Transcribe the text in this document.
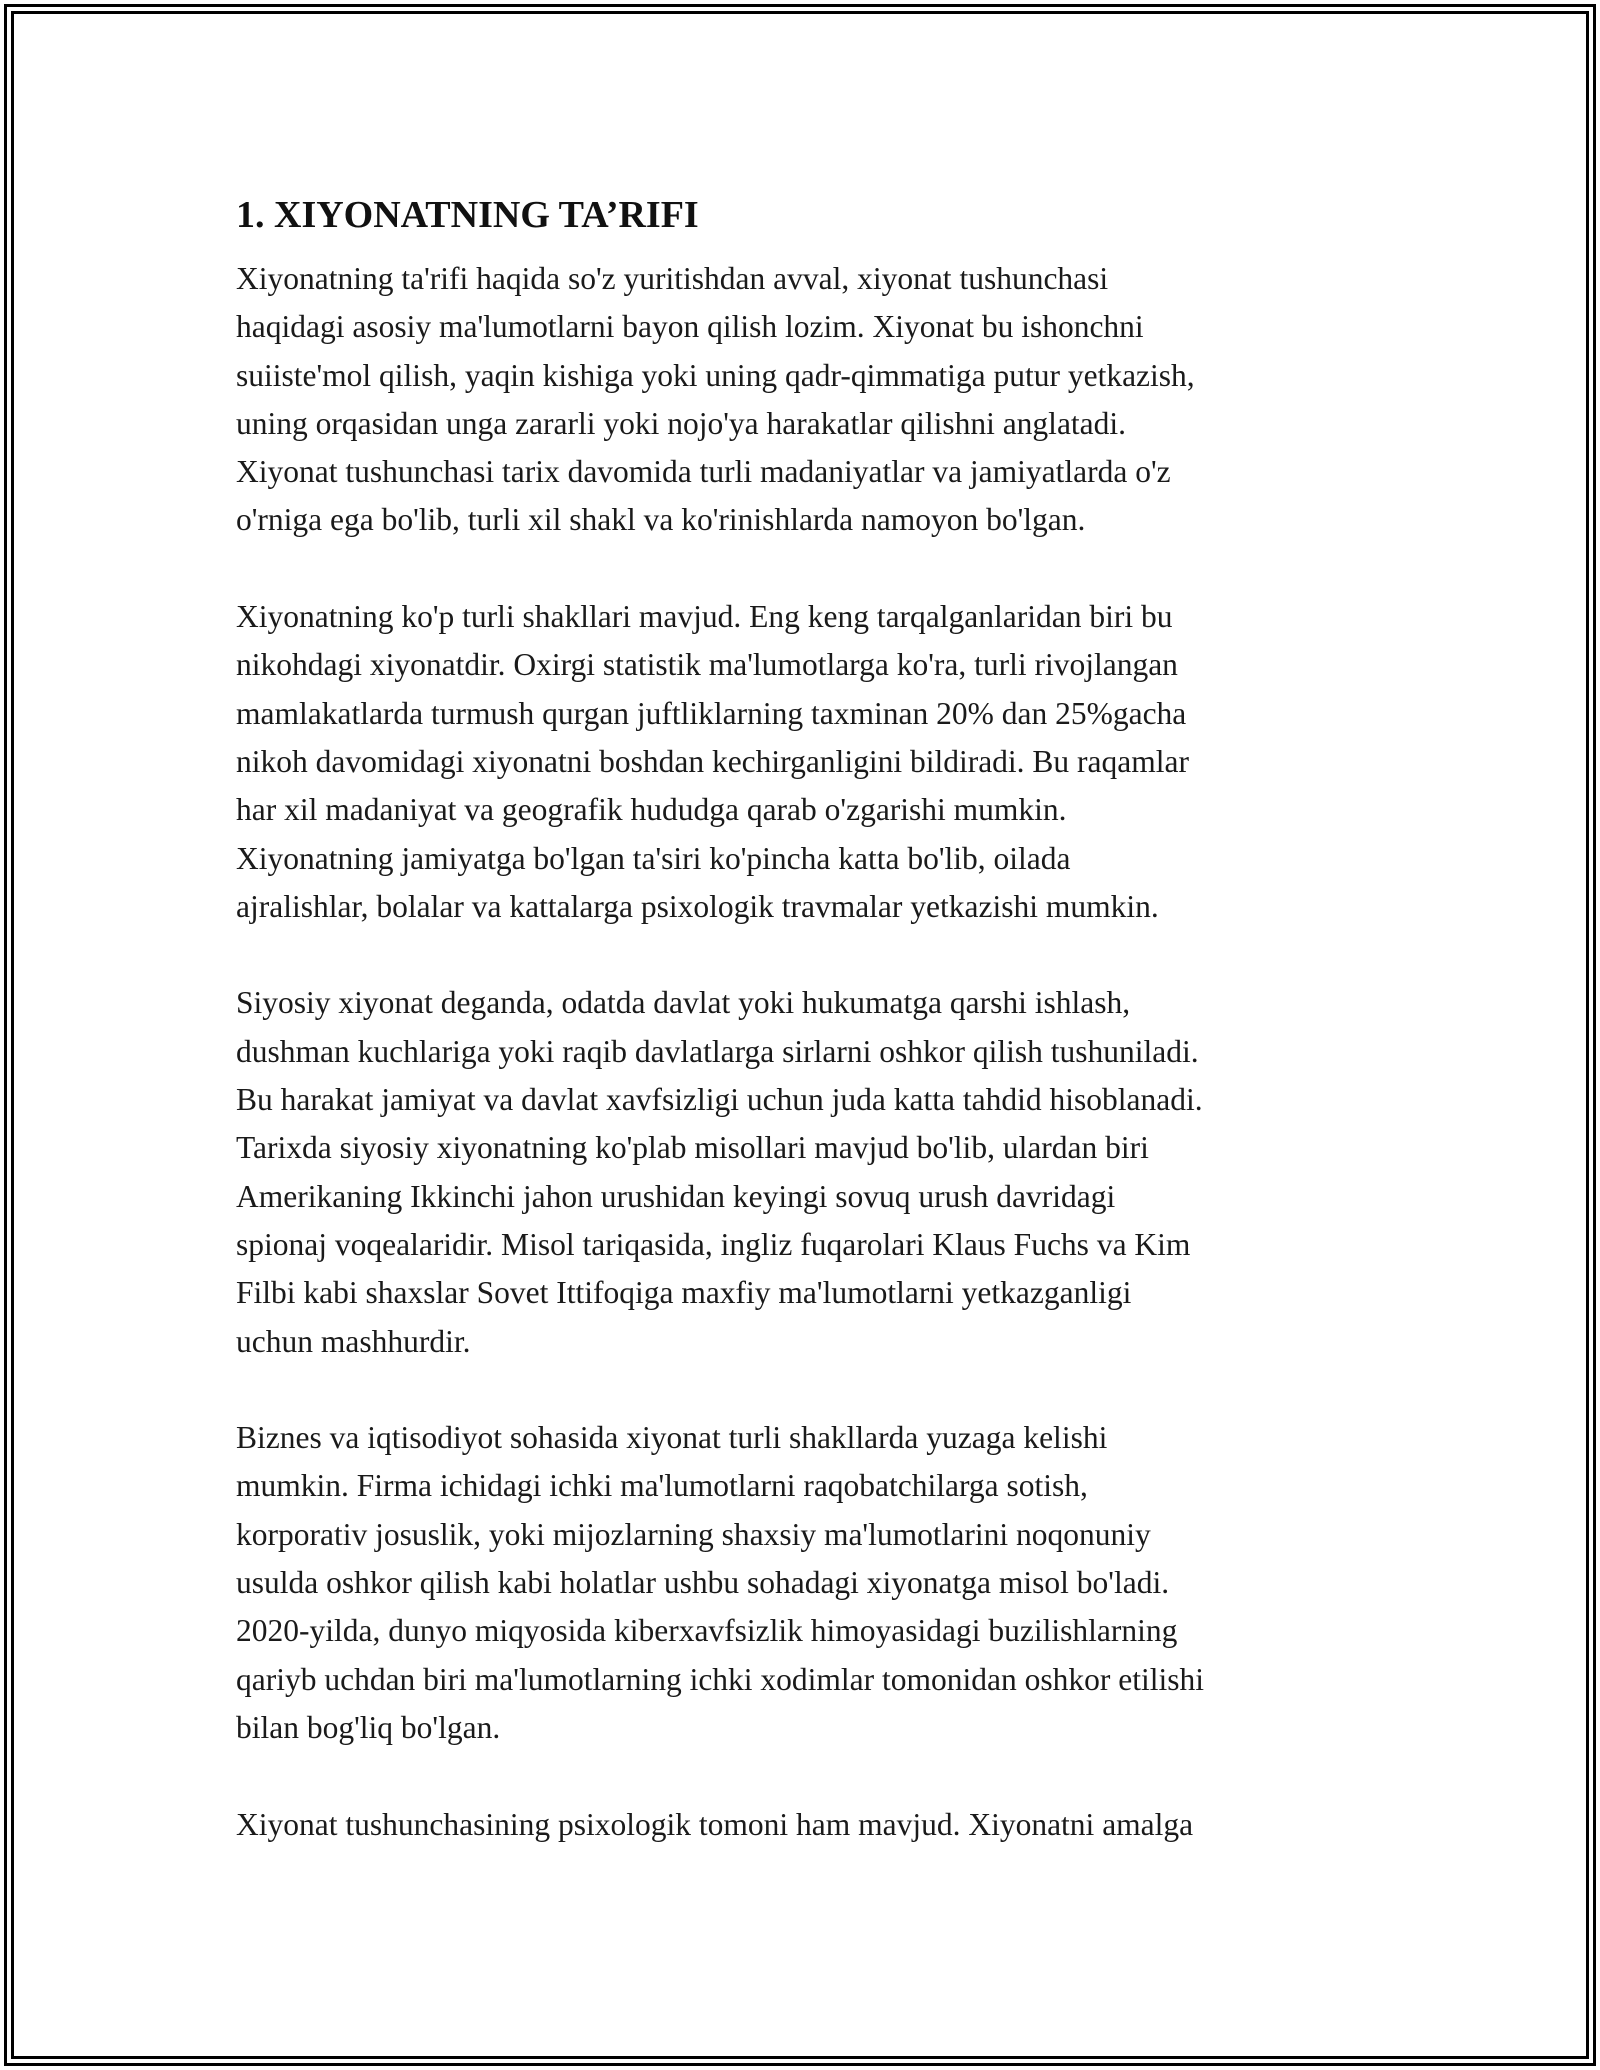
1. XIYONATNING TA’RIFI
Xiyonatning ta'rifi haqida so'z yuritishdan avval, xiyonat tushunchasi
haqidagi asosiy ma'lumotlarni bayon qilish lozim. Xiyonat bu ishonchni
suiiste'mol qilish, yaqin kishiga yoki uning qadr-qimmatiga putur yetkazish,
uning orqasidan unga zararli yoki nojo'ya harakatlar qilishni anglatadi.
Xiyonat tushunchasi tarix davomida turli madaniyatlar va jamiyatlarda o'z
o'rniga ega bo'lib, turli xil shakl va ko'rinishlarda namoyon bo'lgan.
Xiyonatning ko'p turli shakllari mavjud. Eng keng tarqalganlaridan biri bu
nikohdagi xiyonatdir. Oxirgi statistik ma'lumotlarga ko'ra, turli rivojlangan
mamlakatlarda turmush qurgan juftliklarning taxminan 20% dan 25%gacha
nikoh davomidagi xiyonatni boshdan kechirganligini bildiradi. Bu raqamlar
har xil madaniyat va geografik hududga qarab o'zgarishi mumkin.
Xiyonatning jamiyatga bo'lgan ta'siri ko'pincha katta bo'lib, oilada
ajralishlar, bolalar va kattalarga psixologik travmalar yetkazishi mumkin.
Siyosiy xiyonat deganda, odatda davlat yoki hukumatga qarshi ishlash,
dushman kuchlariga yoki raqib davlatlarga sirlarni oshkor qilish tushuniladi.
Bu harakat jamiyat va davlat xavfsizligi uchun juda katta tahdid hisoblanadi.
Tarixda siyosiy xiyonatning ko'plab misollari mavjud bo'lib, ulardan biri
Amerikaning Ikkinchi jahon urushidan keyingi sovuq urush davridagi
spionaj voqealaridir. Misol tariqasida, ingliz fuqarolari Klaus Fuchs va Kim
Filbi kabi shaxslar Sovet Ittifoqiga maxfiy ma'lumotlarni yetkazganligi
uchun mashhurdir.
Biznes va iqtisodiyot sohasida xiyonat turli shakllarda yuzaga kelishi
mumkin. Firma ichidagi ichki ma'lumotlarni raqobatchilarga sotish,
korporativ josuslik, yoki mijozlarning shaxsiy ma'lumotlarini noqonuniy
usulda oshkor qilish kabi holatlar ushbu sohadagi xiyonatga misol bo'ladi.
2020-yilda, dunyo miqyosida kiberxavfsizlik himoyasidagi buzilishlarning
qariyb uchdan biri ma'lumotlarning ichki xodimlar tomonidan oshkor etilishi
bilan bog'liq bo'lgan.
Xiyonat tushunchasining psixologik tomoni ham mavjud. Xiyonatni amalga
